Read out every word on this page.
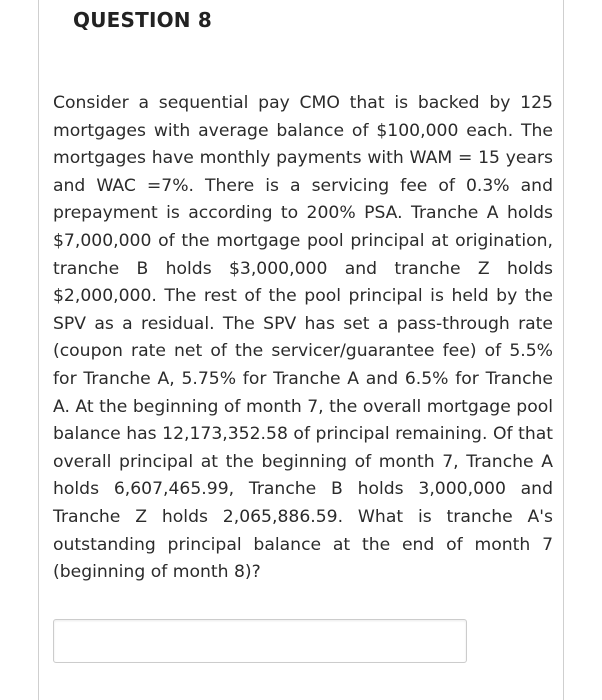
QUESTION 8

Consider a sequential pay CMO that is backed by 125 mortgages with average balance of $100,000 each. The mortgages have monthly payments with WAM = 15 years and WAC =7%. There is a servicing fee of 0.3% and prepayment is according to 200% PSA. Tranche A holds $7,000,000 of the mortgage pool principal at origination, tranche B holds $3,000,000 and tranche Z holds $2,000,000. The rest of the pool principal is held by the SPV as a residual. The SPV has set a pass-through rate (coupon rate net of the servicer/guarantee fee) of 5.5% for Tranche A, 5.75% for Tranche A and 6.5% for Tranche A. At the beginning of month 7, the overall mortgage pool balance has 12,173,352.58 of principal remaining. Of that overall principal at the beginning of month 7, Tranche A holds 6,607,465.99, Tranche B holds 3,000,000 and Tranche Z holds 2,065,886.59. What is tranche A's outstanding principal balance at the end of month 7 (beginning of month 8)?
